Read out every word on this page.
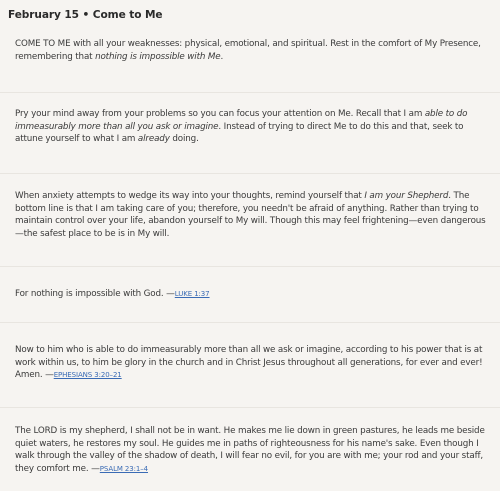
February 15 • Come to Me
COME TO ME with all your weaknesses: physical, emotional, and spiritual. Rest in the comfort of My Presence, remembering that nothing is impossible with Me.
Pry your mind away from your problems so you can focus your attention on Me. Recall that I am able to do immeasurably more than all you ask or imagine. Instead of trying to direct Me to do this and that, seek to attune yourself to what I am already doing.
When anxiety attempts to wedge its way into your thoughts, remind yourself that I am your Shepherd. The bottom line is that I am taking care of you; therefore, you needn't be afraid of anything. Rather than trying to maintain control over your life, abandon yourself to My will. Though this may feel frightening—even dangerous—the safest place to be is in My will.
For nothing is impossible with God. —LUKE 1:37
Now to him who is able to do immeasurably more than all we ask or imagine, according to his power that is at work within us, to him be glory in the church and in Christ Jesus throughout all generations, for ever and ever! Amen. —EPHESIANS 3:20–21
The LORD is my shepherd, I shall not be in want. He makes me lie down in green pastures, he leads me beside quiet waters, he restores my soul. He guides me in paths of righteousness for his name's sake. Even though I walk through the valley of the shadow of death, I will fear no evil, for you are with me; your rod and your staff, they comfort me. —PSALM 23:1–4
